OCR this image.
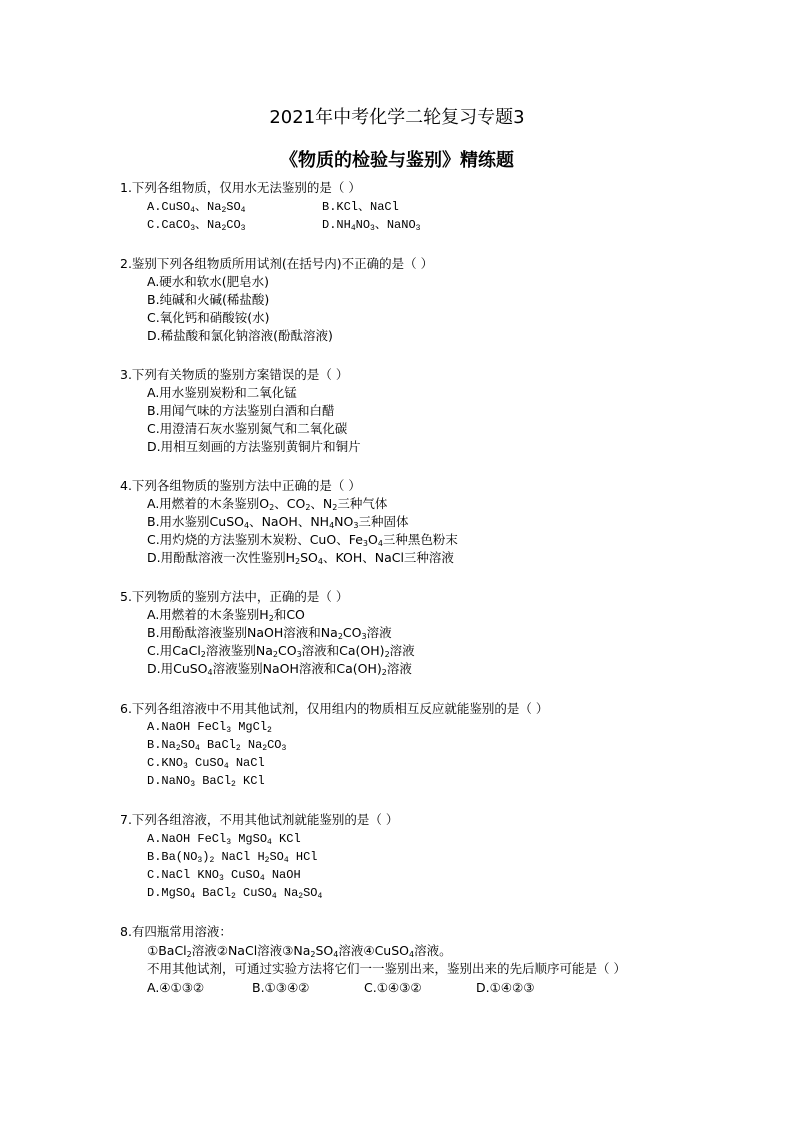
2021年中考化学二轮复习专题3
《物质的检验与鉴别》精练题
1.下列各组物质，仅用水无法鉴别的是（ ）
A.CuSO$_4$、$Na_2SO_4$	B.KCl、NaCl
C.CaCO$_3$、$Na_2CO_3$	$D.NH_4NO_3$、NaNO$_3$
2.鉴别下列各组物质所用试剂(在括号内)不正确的是（ ）
A.硬水和软水(肥皂水)
B.纯碱和火碱(稀盐酸)
C.氧化钙和硝酸铵(水)
D.稀盐酸和氯化钠溶液(酚酞溶液)
3.下列有关物质的鉴别方案错误的是（ ）
A.用水鉴别炭粉和二氧化锰
B.用闻气味的方法鉴别白酒和白醋
C.用澄清石灰水鉴别氮气和二氧化碳
D.用相互刻画的方法鉴别黄铜片和铜片
4.下列各组物质的鉴别方法中正确的是（ ）
A.用燃着的木条鉴别$O_2$、$CO_2$、$N_2$三种气体
B.用水鉴别CuSO$_4$、NaOH、$NH_4NO_3$三种固体
C.用灼烧的方法鉴别木炭粉、CuO、$Fe_3O_4$三种黑色粉末
D.用酚酞溶液一次性鉴别$H_2SO_4$、KOH、NaCl三种溶液
5.下列物质的鉴别方法中，正确的是（ ）
A.用燃着的木条鉴别$H_2$和CO
B.用酚酞溶液鉴别NaOH溶液和$Na_2CO_3$溶液
C.用CaCl$_2$溶液鉴别$Na_2CO_3$溶液和$Ca(OH)_2$溶液
D.用CuSO$_4$溶液鉴别NaOH溶液和$Ca(OH)_2$溶液
6.下列各组溶液中不用其他试剂，仅用组内的物质相互反应就能鉴别的是（ ）
A.NaOH FeCl$_3$ MgCl$_2$
$B.Na_2SO_4$ BaCl$_2$ $Na_2CO_3$
$C.KNO_3$ CuSO$_4$ NaCl
D.NaNO$_3$ BaCl$_2$ KCl
7.下列各组溶液，不用其他试剂就能鉴别的是（ ）
A.NaOH FeCl$_3$ MgSO$_4$ KCl
$B.Ba(NO_3)_2$ NaCl $H_2SO_4$ HCl
C.NaCl $KNO_3$ CuSO$_4$ NaOH
D.MgSO$_4$ BaCl$_2$ CuSO$_4$ $Na_2SO_4$
8.有四瓶常用溶液：
①BaCl$_2$溶液②NaCl溶液$③Na_2SO_4$溶液④CuSO$_4$溶液。
不用其他试剂，可通过实验方法将它们一一鉴别出来，鉴别出来的先后顺序可能是（ ）
A.④①③②	B.①③④②	C.①④③②	D.①④②③
